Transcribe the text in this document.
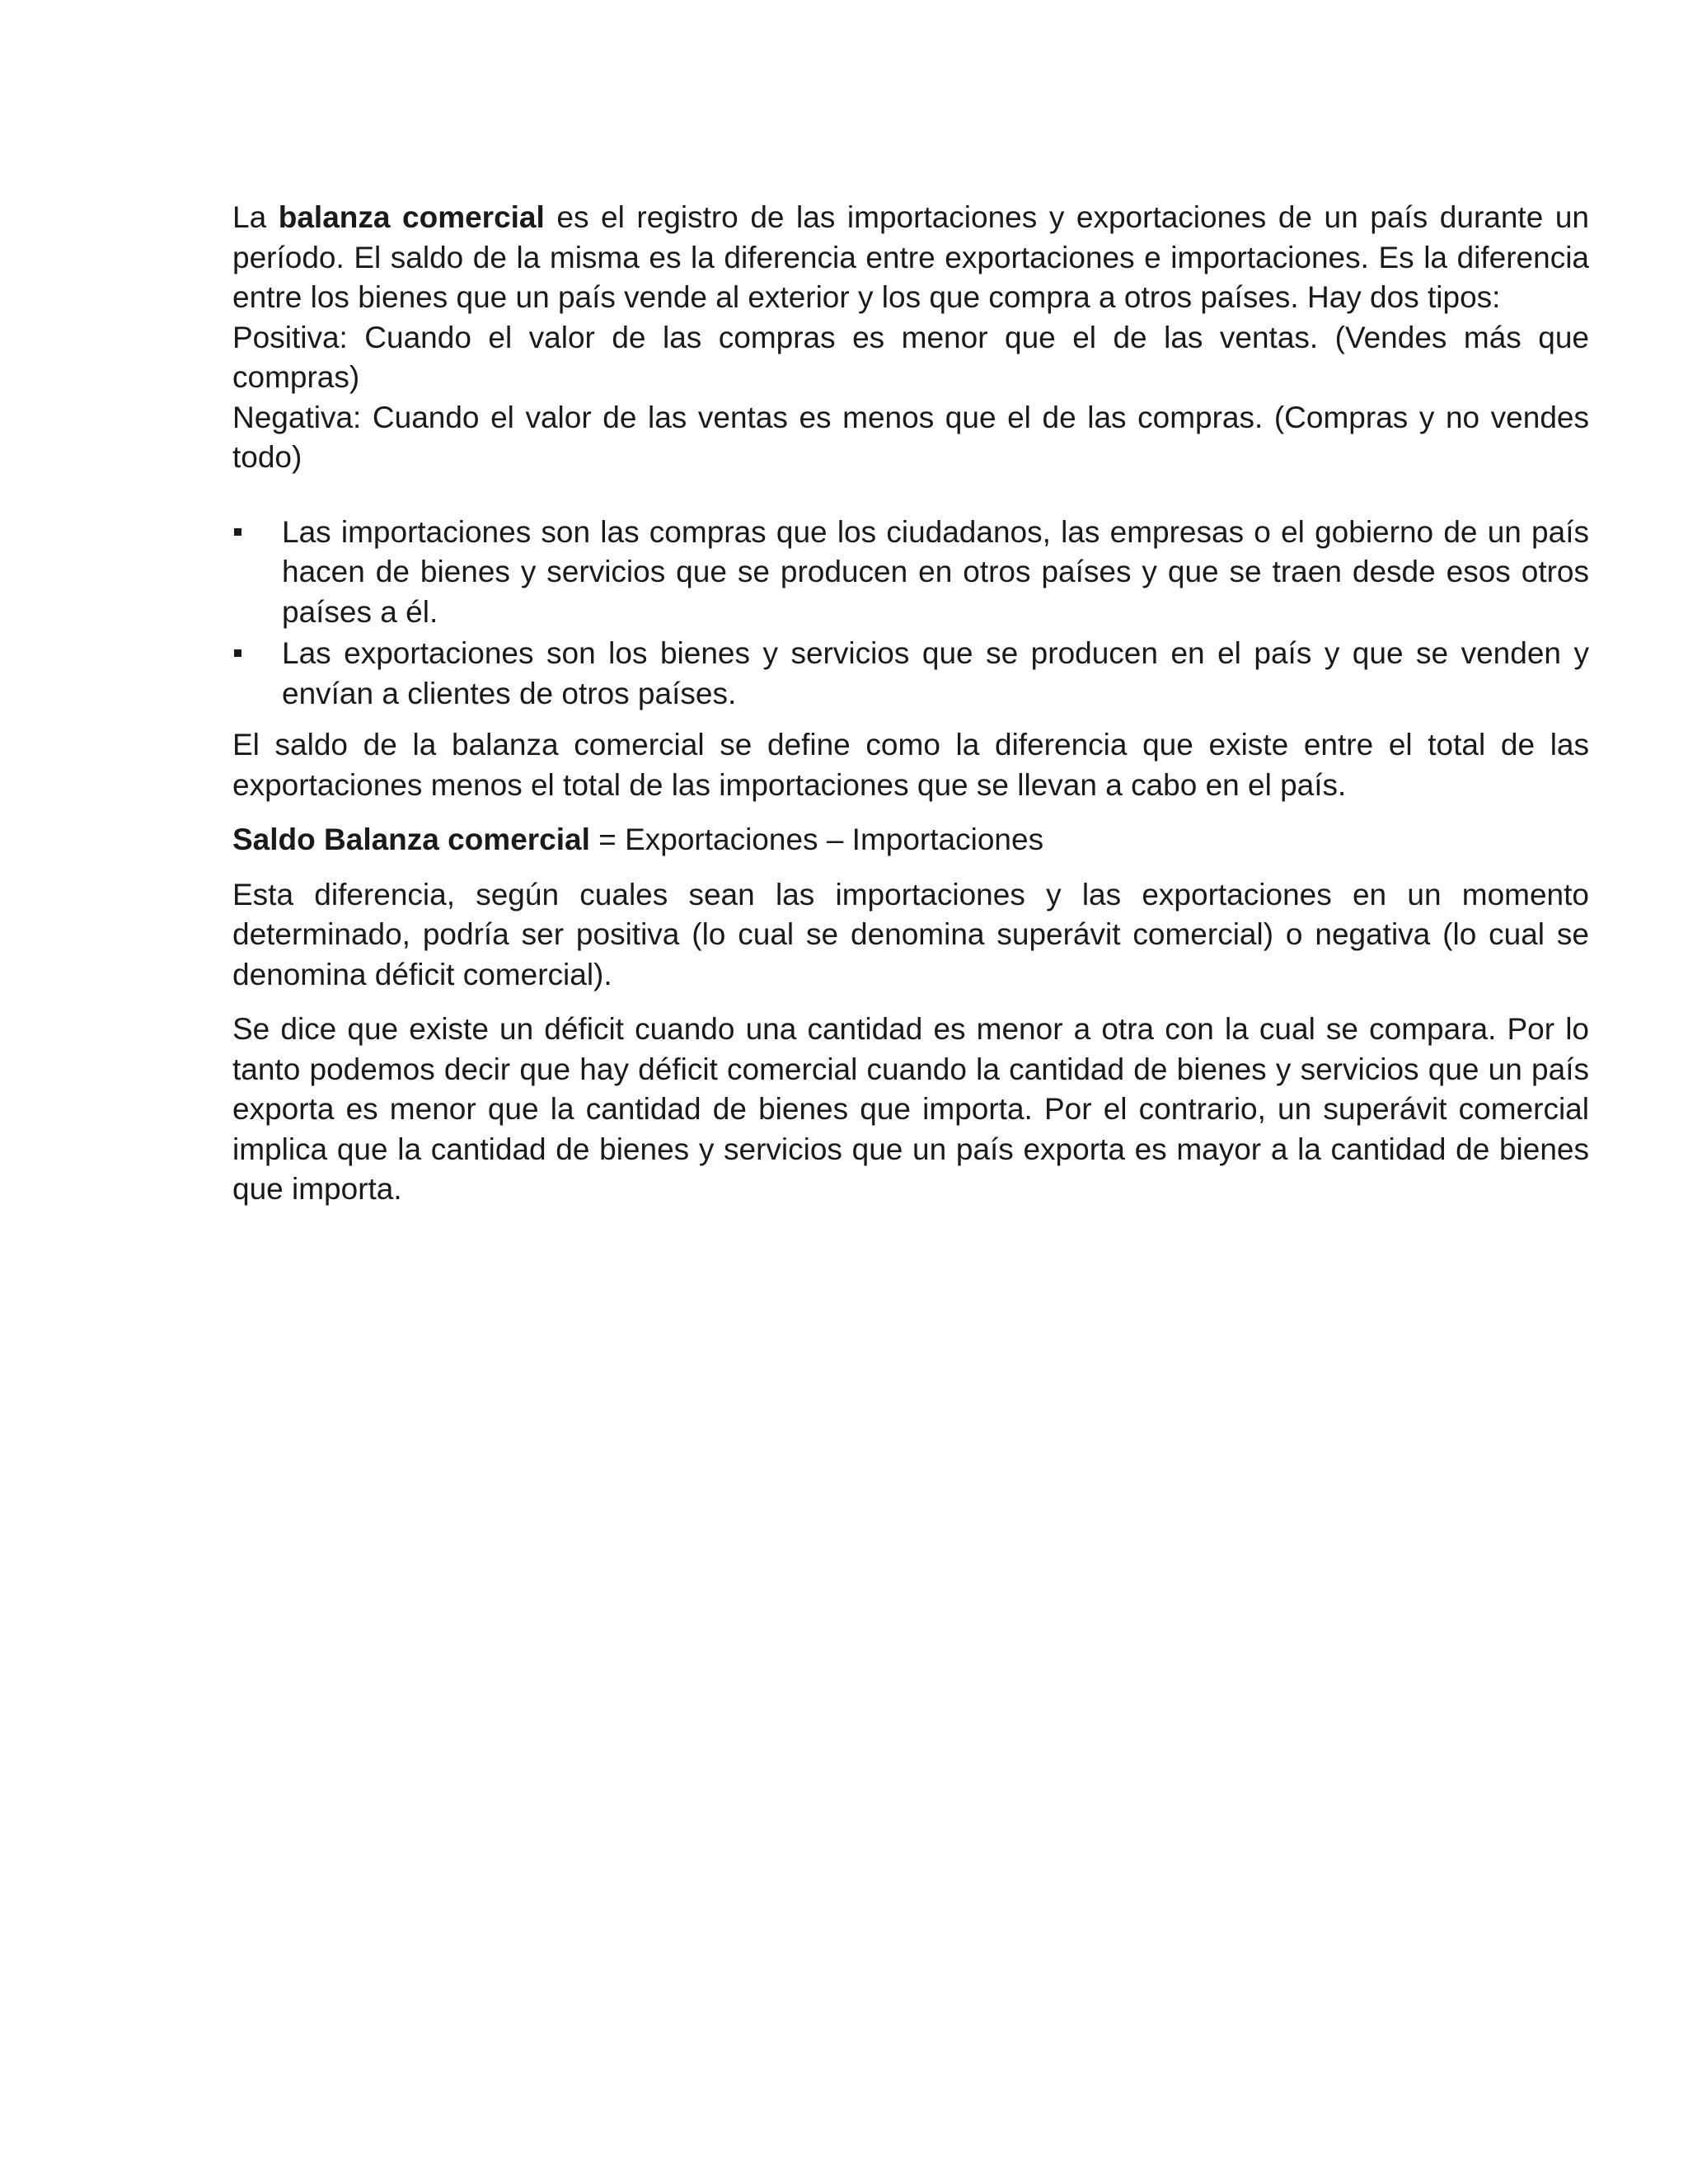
La balanza comercial es el registro de las importaciones y exportaciones de un país durante un período. El saldo de la misma es la diferencia entre exportaciones e importaciones. Es la diferencia entre los bienes que un país vende al exterior y los que compra a otros países. Hay dos tipos:
Positiva: Cuando el valor de las compras es menor que el de las ventas. (Vendes más que compras)
Negativa: Cuando el valor de las ventas es menos que el de las compras. (Compras y no vendes todo)

Las importaciones son las compras que los ciudadanos, las empresas o el gobierno de un país hacen de bienes y servicios que se producen en otros países y que se traen desde esos otros países a él.
Las exportaciones son los bienes y servicios que se producen en el país y que se venden y envían a clientes de otros países.

El saldo de la balanza comercial se define como la diferencia que existe entre el total de las exportaciones menos el total de las importaciones que se llevan a cabo en el país.

Saldo Balanza comercial = Exportaciones – Importaciones

Esta diferencia, según cuales sean las importaciones y las exportaciones en un momento determinado, podría ser positiva (lo cual se denomina superávit comercial) o negativa (lo cual se denomina déficit comercial).

Se dice que existe un déficit cuando una cantidad es menor a otra con la cual se compara. Por lo tanto podemos decir que hay déficit comercial cuando la cantidad de bienes y servicios que un país exporta es menor que la cantidad de bienes que importa. Por el contrario, un superávit comercial implica que la cantidad de bienes y servicios que un país exporta es mayor a la cantidad de bienes que importa.
